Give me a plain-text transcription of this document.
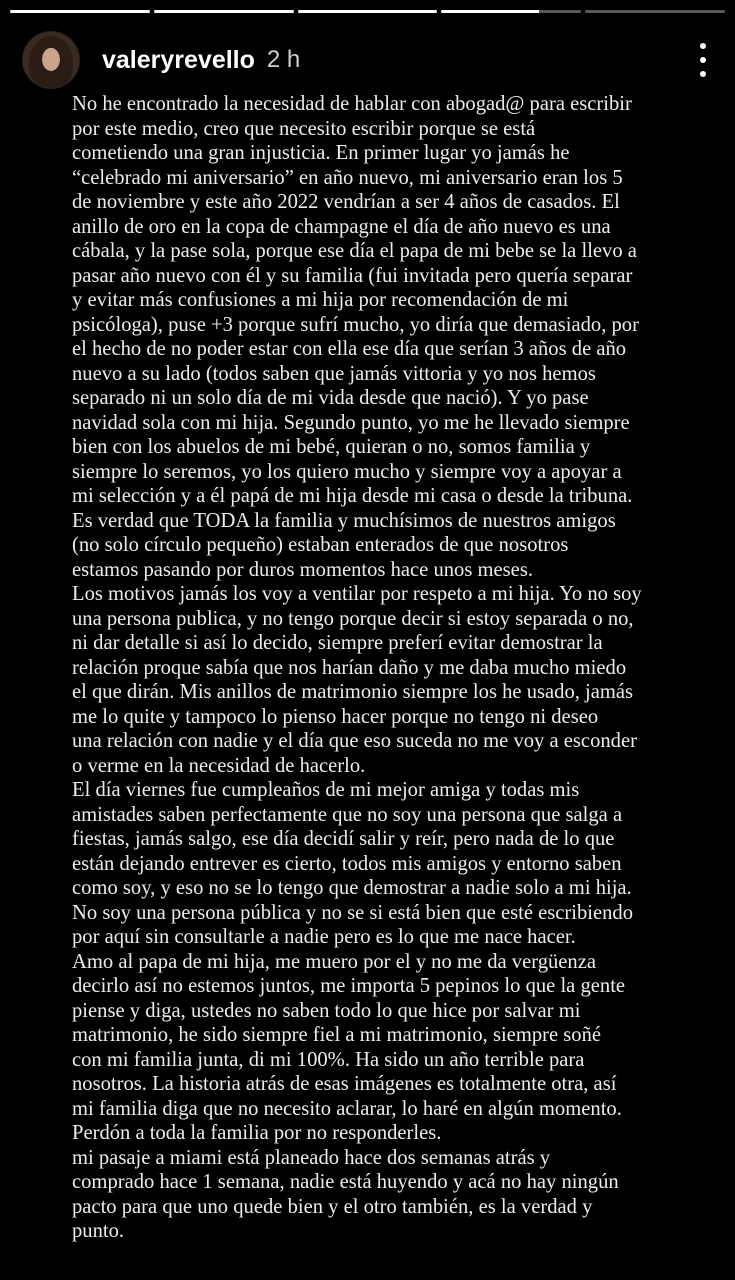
valeryrevello 2 h
No he encontrado la necesidad de hablar con abogad@ para escribir
por este medio, creo que necesito escribir porque se está
cometiendo una gran injusticia. En primer lugar yo jamás he
“celebrado mi aniversario” en año nuevo, mi aniversario eran los 5
de noviembre y este año 2022 vendrían a ser 4 años de casados. El
anillo de oro en la copa de champagne el día de año nuevo es una
cábala, y la pase sola, porque ese día el papa de mi bebe se la llevo a
pasar año nuevo con él y su familia (fui invitada pero quería separar
y evitar más confusiones a mi hija por recomendación de mi
psicóloga), puse +3 porque sufrí mucho, yo diría que demasiado, por
el hecho de no poder estar con ella ese día que serían 3 años de año
nuevo a su lado (todos saben que jamás vittoria y yo nos hemos
separado ni un solo día de mi vida desde que nació). Y yo pase
navidad sola con mi hija. Segundo punto, yo me he llevado siempre
bien con los abuelos de mi bebé, quieran o no, somos familia y
siempre lo seremos, yo los quiero mucho y siempre voy a apoyar a
mi selección y a él papá de mi hija desde mi casa o desde la tribuna.
Es verdad que TODA la familia y muchísimos de nuestros amigos
(no solo círculo pequeño) estaban enterados de que nosotros
estamos pasando por duros momentos hace unos meses.
Los motivos jamás los voy a ventilar por respeto a mi hija. Yo no soy
una persona publica, y no tengo porque decir si estoy separada o no,
ni dar detalle si así lo decido, siempre preferí evitar demostrar la
relación proque sabía que nos harían daño y me daba mucho miedo
el que dirán. Mis anillos de matrimonio siempre los he usado, jamás
me lo quite y tampoco lo pienso hacer porque no tengo ni deseo
una relación con nadie y el día que eso suceda no me voy a esconder
o verme en la necesidad de hacerlo.
El día viernes fue cumpleaños de mi mejor amiga y todas mis
amistades saben perfectamente que no soy una persona que salga a
fiestas, jamás salgo, ese día decidí salir y reír, pero nada de lo que
están dejando entrever es cierto, todos mis amigos y entorno saben
como soy, y eso no se lo tengo que demostrar a nadie solo a mi hija.
No soy una persona pública y no se si está bien que esté escribiendo
por aquí sin consultarle a nadie pero es lo que me nace hacer.
Amo al papa de mi hija, me muero por el y no me da vergüenza
decirlo así no estemos juntos, me importa 5 pepinos lo que la gente
piense y diga, ustedes no saben todo lo que hice por salvar mi
matrimonio, he sido siempre fiel a mi matrimonio, siempre soñé
con mi familia junta, di mi 100%. Ha sido un año terrible para
nosotros. La historia atrás de esas imágenes es totalmente otra, así
mi familia diga que no necesito aclarar, lo haré en algún momento.
Perdón a toda la familia por no responderles.
mi pasaje a miami está planeado hace dos semanas atrás y
comprado hace 1 semana, nadie está huyendo y acá no hay ningún
pacto para que uno quede bien y el otro también, es la verdad y
punto.
